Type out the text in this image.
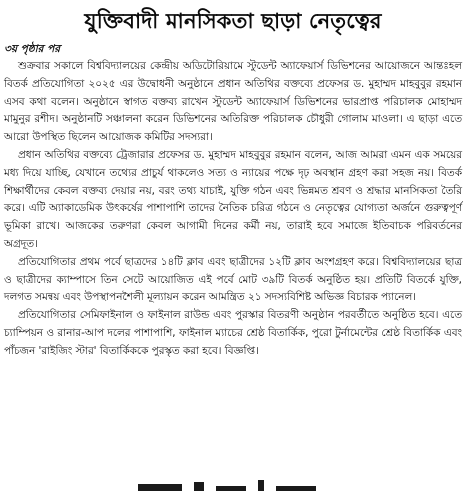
যুক্তিবাদী মানসিকতা ছাড়া নেতৃত্বের
৩য় পৃষ্ঠার পর

শুক্রবার সকালে বিশ্ববিদ্যালয়ের কেন্দ্রীয় অডিটোরিয়ামে স্টুডেন্ট অ্যাফেয়ার্স ডিভিশনের আয়োজনে আন্তঃহল বিতর্ক প্রতিযোগিতা ২০২৫ এর উদ্বোধনী অনুষ্ঠানে প্রধান অতিথির বক্তব্যে প্রফেসর ড. মুহাম্মদ মাহবুবুর রহমান এসব কথা বলেন। অনুষ্ঠানে স্বাগত বক্তব্য রাখেন স্টুডেন্ট অ্যাফেয়ার্স ডিভিশনের ভারপ্রাপ্ত পরিচালক মোহাম্মদ মামুনুর রশীদ। অনুষ্ঠানটি সঞ্চালনা করেন ডিভিশনের অতিরিক্ত পরিচালক চৌধুরী গোলাম মাওলা। এ ছাড়া এতে আরো উপস্থিত ছিলেন আয়োজক কমিটির সদস্যরা।

প্রধান অতিথির বক্তব্যে ট্রেজারার প্রফেসর ড. মুহাম্মদ মাহবুবুর রহমান বলেন, আজ আমরা এমন এক সময়ের মধ্য দিয়ে যাচ্ছি, যেখানে তথ্যের প্রাচুর্য থাকলেও সত্য ও ন্যায়ের পক্ষে দৃঢ় অবস্থান গ্রহণ করা সহজ নয়। বিতর্ক শিক্ষার্থীদের কেবল বক্তব্য দেয়ার নয়, বরং তথ্য যাচাই, যুক্তি গঠন এবং ভিন্নমত শ্রবণ ও শ্রদ্ধার মানসিকতা তৈরি করে। এটি অ্যাকাডেমিক উৎকর্ষের পাশাপাশি তাদের নৈতিক চরিত্র গঠনে ও নেতৃত্বের যোগ্যতা অর্জনে গুরুত্বপূর্ণ ভূমিকা রাখে। আজকের তরুণরা কেবল আগামী দিনের কর্মী নয়, তারাই হবে সমাজে ইতিবাচক পরিবর্তনের অগ্রদূত।

প্রতিযোগিতার প্রথম পর্বে ছাত্রদের ১৪টি ক্লাব এবং ছাত্রীদের ১২টি ক্লাব অংশগ্রহণ করে। বিশ্ববিদ্যালয়ের ছাত্র ও ছাত্রীদের ক্যাম্পাসে তিন সেটে আয়োজিত এই পর্বে মোট ৩৯টি বিতর্ক অনুষ্ঠিত হয়। প্রতিটি বিতর্কে যুক্তি, দলগত সমন্বয় এবং উপস্থাপনশৈলী মূল্যায়ন করেন আমন্ত্রিত ২১ সদস্যবিশিষ্ট অভিজ্ঞ বিচারক প্যানেল।

প্রতিযোগিতার সেমিফাইনাল ও ফাইনাল রাউন্ড এবং পুরস্কার বিতরণী অনুষ্ঠান পরবর্তীতে অনুষ্ঠিত হবে। এতে চ্যাম্পিয়ন ও রানার-আপ দলের পাশাপাশি, ফাইনাল ম্যাচের শ্রেষ্ঠ বিতার্কিক, পুরো টুর্নামেন্টের শ্রেষ্ঠ বিতার্কিক এবং পাঁচজন 'রাইজিং স্টার' বিতার্কিককে পুরস্কৃত করা হবে। বিজ্ঞপ্তি।
